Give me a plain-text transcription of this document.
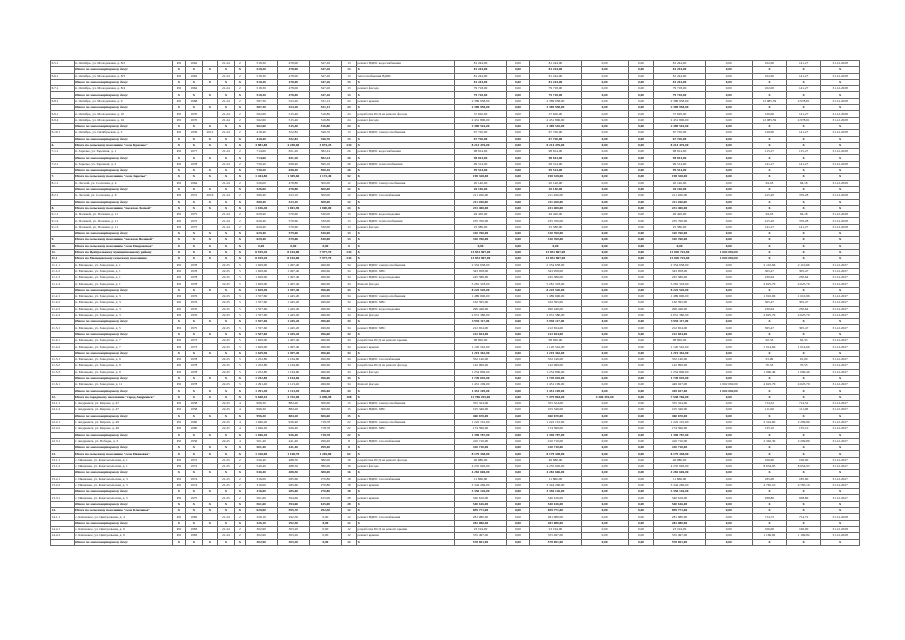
6.5.1	п. Октябрь, ул. Молодежная, д. 8/2	РО	1962		21.24	2	518,30	478,00	347,26	13	ремонт ВДИС водоснабжения	81 244,00	0,00	81 244,00	0,00	0,00	81 244,00	0,00	102,00	141,27	31.12.2028
	Итого по многоквартирному дому:	X	X	X	X	X	518,30	478,00	347,26	13	X	81 244,00	0,00	81 244,00	0,00	0,00	81 244,00	0,00	X	X	X
6.6.1	п. Октябрь, ул. Молодежная, д. 8/3	РО	1962		21.24	2	518,30	478,00	347,26	13	теплоснабжения ВДИС	81 244,00	0,00	81 244,00	0,00	0,00	81 244,00	0,00	102,00	141,27	31.12.2028
	Итого по многоквартирному дому:	X	X	X	X	X	518,30	478,00	347,26	13	X	81 244,00	0,00	81 244,00	0,00	0,00	81 244,00	0,00	X	X	X
6.7.1	п. Октябрь, ул. Молодежная, д. 8/4	РО	1962		21.24	2	518,30	478,00	347,26	13	ремонт фасада	79 718,00	0,00	79 718,00	0,00	0,00	79 718,00	0,00	102,00	141,27	31.12.2028
	Итого по многоквартирному дому:	X	X	X	X	X	518,30	478,00	347,26	13	X	79 718,00	0,00	79 718,00	0,00	0,00	79 718,00	0,00	X	X	X
6.8.1	п. Октябрь, ул. Молодежная, д. 9	РО	1968		21.24	2	587,30	523,20	531,12	24	ремонт крыши	2 389 958,00	0,00	2 389 958,00	0,00	0,00	2 389 958,00	0,00	12 985,59	4 978,61	31.12.2028
	Итого по многоквартирному дому:	X	X	X	X	X	587,30	523,20	531,12	24	X	2 389 958,00	0,00	2 389 958,00	0,00	0,00	2 389 958,00	0,00	X	X	X
6.9.1	п. Октябрь, ул. Молодежная, д. 10	РО	1970		21.24	2	562,60	515,40	516,80	24	разработка ПСД на ремонт фасада	37 620,00	0,00	37 620,00	0,00	0,00	37 620,00	0,00	126,00	141,27	31.12.2028
6.9.2	п. Октябрь, ул. Молодежная, д. 10	РО	1970		21.24	2	562,60	515,40	516,80	24	ремонт фасада	2 451 896,00	0,00	2 451 896,00	0,00	0,00	2 451 896,00	0,00	12 985,59	4 978,61	31.12.2028
	Итого по многоквартирному дому:	X	X	X	X	X	562,60	515,40	516,80	24	X	2 489 516,00	0,00	2 489 516,00	0,00	0,00	2 489 516,00	0,00	X	X	X
6.10.1	п. Октябрь, ул. Октябрьская, д. 3	РО	1959	2012	21.24	2	418,40	352,82	346,70	13	ремонт ВДИС электроснабжения	67 720,00	0,00	67 720,00	0,00	0,00	67 720,00	0,00	126,00	141,27	31.12.2028
	Итого по многоквартирному дому:	X	X	X	X	X	418,40	352,82	346,70	13	X	67 720,00	0,00	67 720,00	0,00	0,00	67 720,00	0,00	X	X	X
6.	Итого по сельскому поселению "село Красное"	X	X	X	X	X	4 881,80	4 248,60	3 874,25	234	X	8 214 476,00	0,00	8 214 476,00	0,00	0,00	8 214 476,00	0,00	X	X	X
7.1.1	п. Заречье, ул. Заречная, д. 1	РО	1977		21.24	2	714,60	651,20	582,24	26	ремонт ВДИС водоснабжения	98 814,00	0,00	98 814,00	0,00	0,00	98 814,00	0,00	115,27	115,27	31.12.2028
	Итого по многоквартирному дому:	X	X	X	X	X	714,60	651,20	582,24	26	X	98 814,00	0,00	98 814,00	0,00	0,00	98 814,00	0,00	X	X	X
7.2.1	п. Заречье, ул. Заречная, д. 2	РО	1978		21.24	2	730,20	658,40	590,16	26	ремонт ВДИС теплоснабжения	99 514,00	0,00	99 514,00	0,00	0,00	99 514,00	0,00	141,27	141,27	31.12.2028
	Итого по многоквартирному дому:	X	X	X	X	X	730,20	658,40	590,16	26	X	99 514,00	0,00	99 514,00	0,00	0,00	99 514,00	0,00	X	X	X
7.	Итого по сельскому поселению "село Заречье"	X	X	X	X	X	1 444,80	1 309,60	1 172,40	52	X	198 328,00	0,00	198 328,00	0,00	0,00	198 328,00	0,00	X	X	X
8.1.1	п. Лесной, ул. Сосновая, д. 4	РО	1964		21.24	2	526,00	478,80	500,00	12	ремонт ВДИС электроснабжения	20 140,00	0,00	20 140,00	0,00	0,00	20 140,00	0,00	94,18	94,18	31.12.2028
	Итого по многоквартирному дому:	X	X	X	X	X	526,00	478,80	500,00	12	X	20 140,00	0,00	20 140,00	0,00	0,00	20 140,00	0,00	X	X	X
8.2.1	п. Лесной, ул. Сосновая, д. 6	РО	1972	2016	21.24	2	580,40	523,10	500,00	12	ремонт ВДИС газоснабжения	211 260,00	0,00	211 260,00	0,00	0,00	211 260,00	0,00	415,20	376,28	31.12.2028
	Итого по многоквартирному дому:	X	X	X	X	X	580,40	523,10	500,00	12	X	211 260,00	0,00	211 260,00	0,00	0,00	211 260,00	0,00	X	X	X
8.	Итого по сельскому поселению "поселок Лесной"	X	X	X	X	X	1 106,40	1 001,90	1 000,00	24	X	231 400,00	0,00	231 400,00	0,00	0,00	231 400,00	0,00	X	X	X
9.1.1	п. Полевой, ул. Полевая, д. 11	РО	1975		21.24	2	629,40	579,60	530,00	13	ремонт ВДИС водоотведения	49 420,00	0,00	49 420,00	0,00	0,00	49 420,00	0,00	94,18	94,18	31.12.2028
9.1.2	п. Полевой, ул. Полевая, д. 11	РО	1975		21.24	2	629,40	579,60	530,00	13	ремонт ВДИС теплоснабжения	235 760,00	0,00	235 760,00	0,00	0,00	235 760,00	0,00	415,20	376,28	31.12.2028
9.1.3	п. Полевой, ул. Полевая, д. 11	РО	1975		21.24	2	629,40	579,60	530,00	13	ремонт фасада	25 580,00	0,00	25 580,00	0,00	0,00	25 580,00	0,00	141,27	141,27	31.12.2028
	Итого по многоквартирному дому:	X	X	X	X	X	629,40	579,60	530,00	13	X	310 760,00	0,00	310 760,00	0,00	0,00	310 760,00	0,00	X	X	X
9.	Итого по сельскому поселению "поселок Полевой"	X	X	X	X	X	629,40	579,60	530,00	13	X	310 760,00	0,00	310 760,00	0,00	0,00	310 760,00	0,00	X	X	X
10.	Итого по сельскому поселению "село Покровское"	X	X	X	X	X	0,00	0,00	0,00	0	X	0,00	0,00	0,00	0,00	0,00	0,00	0,00	X	X	X
11.	Итого по Центральному муниципальному району	X	X	X	X	X	8 919,20	8 163,80	7 977,70	243	X	13 851 807,00	0,00	13 851 807,00	0,00	0,00	12 849 725,00	1 002 082,00	X	X	X
11.1	Итого по Мальцевскому сельскому поселению	X	X	X	X	X	8 919,20	8 163,80	7 977,70	243	X	13 851 807,00	0,00	13 851 807,00	0,00	0,00	12 849 725,00	1 002 082,00	X	X	X
11.1.1	п. Мальцево, ул. Заводская, д. 1	РО	1978		22.25	5	1 629,90	1 497,40	496,60	34	ремонт ВДИС электроснабжения	2 354 658,00	0,00	2 354 658,00	0,00	0,00	2 354 658,00	0,00	2 110,66	2 110,66	31.12.2027
11.1.2	п. Мальцево, ул. Заводская, д. 1	РО	1978		22.25	5	1 629,90	1 497,40	496,60	34	ремонт ВДИС ХВС	343 958,00	0,00	343 958,00	0,00	0,00	343 958,00	0,00	305,47	305,47	31.12.2027
11.1.3	п. Мальцево, ул. Заводская, д. 1	РО	1978		22.25	5	1 629,90	1 497,40	496,60	34	ремонт ВДИС водоотведения	245 586,00	0,00	245 586,00	0,00	0,00	245 586,00	0,00	230,64	230,64	31.12.2027
11.1.4	п. Мальцево, ул. Заводская, д. 1	РО	1978		22.25	5	1 629,90	1 497,40	496,60	34	Ремонт фасада	5 281 318,00	0,00	5 281 318,00	0,00	0,00	5 281 318,00	0,00	4 625,79	4 625,79	31.12.2027
	Итого по многоквартирному дому:	X	X	X	X	X	1 629,90	1 497,40	496,60	34	X	8 225 520,00	0,00	8 225 520,00	0,00	0,00	8 225 520,00	0,00	X	X	X
11.2.1	п. Мальцево, ул. Заводская, д. 3	РО	1976		22.25	5	1 557,60	1 445,20	496,60	34	ремонт ВДИС электроснабжения	1 489 696,00	0,00	1 489 696,00	0,00	0,00	1 489 696,00	0,00	1 010,96	1 010,96	31.12.2027
11.2.2	п. Мальцево, ул. Заводская, д. 3	РО	1976		22.25	5	1 557,60	1 445,20	496,60	34	ремонт ВДИС ХВС	162 595,00	0,00	162 595,00	0,00	0,00	162 595,00	0,00	305,47	305,47	31.12.2027
11.2.3	п. Мальцево, ул. Заводская, д. 3	РО	1976		22.25	5	1 557,60	1 445,20	496,60	34	ремонт ВДИС водоотведения	290 446,00	0,00	290 446,00	0,00	0,00	290 446,00	0,00	230,64	230,64	31.12.2027
11.2.4	п. Мальцево, ул. Заводская, д. 3	РО	1976		22.25	5	1 557,60	1 445,20	496,60	34	Ремонт фасада	2 051 380,00	0,00	2 051 380,00	0,00	0,00	2 051 380,00	0,00	4 625,79	4 625,79	31.12.2027
	Итого по многоквартирному дому:	X	X	X	X	X	1 557,60	1 445,20	496,60	34	X	3 994 117,00	0,00	3 994 117,00	0,00	0,00	3 994 117,00	0,00	X	X	X
11.3.1	п. Мальцево, ул. Заводская, д. 5	РО	1975		22.25	5	1 557,60	1 445,20	496,60	34	ремонт ВДИС ХВС	212 654,00	0,00	212 654,00	0,00	0,00	212 654,00	0,00	305,47	305,47	31.12.2027
	Итого по многоквартирному дому:	X	X	X	X	X	1 557,60	1 445,20	496,60	34	X	212 654,00	0,00	212 654,00	0,00	0,00	212 654,00	0,00	X	X	X
11.4.1	п. Мальцево, ул. Заводская, д. 7	РО	1973		22.25	5	1 629,90	1 497,40	496,60	34	разработка ПСД на ремонт крыши	98 820,00	0,00	98 820,00	0,00	0,00	98 820,00	0,00	92,33	92,33	31.12.2027
11.4.2	п. Мальцево, ул. Заводская, д. 7	РО	1973		22.25	5	1 629,90	1 497,40	496,60	34	ремонт крыши	1 120 542,00	0,00	1 120 542,00	0,00	0,00	1 120 542,00	0,00	1 014,66	1 014,66	31.12.2027
	Итого по многоквартирному дому:	X	X	X	X	X	1 629,90	1 497,40	496,60	34	X	1 219 362,00	0,00	1 219 362,00	0,00	0,00	1 219 362,00	0,00	X	X	X
11.5.1	п. Мальцево, ул. Заводская, д. 9	РО	1978		22.25	5	1 252,80	1 164,60	496,60	34	ремонт ВДИС газоснабжения	352 140,00	0,00	352 140,00	0,00	0,00	352 140,00	0,00	91,09	91,09	31.12.2027
11.5.2	п. Мальцево, ул. Заводская, д. 9	РО	1978		22.25	5	1 252,80	1 164,60	496,60	34	разработка ПСД на ремонт фасада	142 099,00	0,00	142 099,00	0,00	0,00	142 099,00	0,00	70,53	70,53	31.12.2027
11.5.3	п. Мальцево, ул. Заводская, д. 9	РО	1978		22.25	5	1 252,80	1 164,60	496,60	34	ремонт фасада	1 254 806,00	0,00	1 254 806,00	0,00	0,00	1 254 806,00	0,00	1 090,49	1 090,49	31.12.2027
	Итого по многоквартирному дому:	X	X	X	X	X	1 252,80	1 164,60	496,60	34	X	1 749 045,00	0,00	1 749 045,00	0,00	0,00	1 749 045,00	0,00	X	X	X
11.6.1	п. Мальцево, ул. Заводская, д. 11	РО	1978		22.25	5	1 291,40	1 113,40	496,60	34	Ремонт фасада	1 451 109,00	0,00	1 451 109,00	0,00	0,00	449 027,00	1 002 082,00	4 625,79	4 625,79	31.12.2027
	Итого по многоквартирному дому:	X	X	X	X	X	1 291,40	1 113,40	496,60	34	X	1 451 109,00	0,00	1 451 109,00	0,00	0,00	449 027,00	1 002 082,00	X	X	X
12.	Итого по городскому поселению "город Андреевск"	X	X	X	X	X	5 648,10	4 742,00	2 096,90	108	X	11 786 255,00	0,00	7 479 864,00	4 306 391,00	0,00	7 548 766,00	0,00	X	X	X
12.1.1	г. Андреевск, ул. Кирова, д. 47	РО	1958		22.25	4	996,30	884,20	506,60	15	ремонт ВДИС электроснабжения	355 324,00	0,00	355 324,00	0,00	0,00	355 324,00	0,00	714,52	714,52	31.12.2027
12.1.2	г. Андреевск, ул. Кирова, д. 47	РО	1958		22.25	4	996,30	884,20	506,60	15	ремонт ВДИС ХВС	105 346,00	0,00	105 346,00	0,00	0,00	105 346,00	0,00	111,06	111,06	31.12.2027
	Итого по многоквартирному дому:	X	X	X	X	X	996,30	884,20	506,60	15	X	460 670,00	0,00	460 670,00	0,00	0,00	460 670,00	0,00	X	X	X
12.2.1	г. Андреевск, ул. Кирова, д. 49	РО	1960		22.25	4	1 046,20	926,40	718,78	22	ремонт ВДИС электроснабжения	1 222 191,00	0,00	1 222 191,00	0,00	0,00	1 222 191,00	0,00	2 524,60	2 209,89	31.12.2027
12.2.2	г. Андреевск, ул. Кирова, д. 49	РО	1960		22.25	4	1 046,20	926,40	718,78	22	ремонт ВДИС ХВС	174 596,00	0,00	174 596,00	0,00	0,00	174 596,00	0,00	135,10	135,10	31.12.2027
	Итого по многоквартирному дому:	X	X	X	X	X	1 046,20	926,40	718,78	22	X	1 396 787,00	0,00	1 396 787,00	0,00	0,00	1 396 787,00	0,00	X	X	X
12.3.1	г. Андреевск, ул. Победы, д. 3	РО	1956		22.25	4	501,40	441,40	299,40	8	ремонт ВДИС газоснабжения	410 710,00	0,00	410 710,00	0,00	0,00	410 710,00	0,00	2 362,30	2 209,89	31.12.2027
	Итого по многоквартирному дому:	X	X	X	X	X	501,40	441,40	299,40	8	X	410 710,00	0,00	410 710,00	0,00	0,00	410 710,00	0,00	X	X	X
13.	Итого по сельскому поселению "село Ивановка"	X	X	X	X	X	1 418,00	1 168,70	1 265,80	62	X	8 179 348,00	0,00	8 179 348,00	0,00	0,00	8 179 348,00	0,00	X	X	X
13.1.1	с. Ивановка, ул. Комсомольская, д. 1	РО	1972		21.25	2	540,40	488,50	380,00	16	разработка ПСД на ремонт фасада	46 680,00	0,00	46 680,00	0,00	0,00	46 680,00	0,00	106,00	106,00	31.12.2027
13.1.2	с. Ивановка, ул. Комсомольская, д. 1	РО	1972		21.25	2	540,40	488,50	380,00	16	ремонт фасада	4 235 926,00	0,00	4 235 926,00	0,00	0,00	4 235 926,00	0,00	8 654,93	8 654,93	31.12.2027
	Итого по многоквартирному дому:	X	X	X	X	X	540,40	488,50	380,00	16	X	4 282 606,00	0,00	4 282 606,00	0,00	0,00	4 282 606,00	0,00	X	X	X
13.2.1	с. Ивановка, ул. Комсомольская, д. 3	РО	1974		21.25	2	316,00	285,60	270,80	18	ремонт ВДИС газоснабжения	11 860,00	0,00	11 860,00	0,00	0,00	11 860,00	0,00	185,00	185,00	31.12.2027
13.2.2	с. Ивановка, ул. Комсомольская, д. 3	РО	1974		21.25	2	316,00	285,60	270,80	18	ремонт крыши	3 344 266,00	0,00	3 344 266,00	0,00	0,00	3 344 266,00	0,00	4 765,10	4 765,10	31.12.2027
	Итого по многоквартирному дому:	X	X	X	X	X	316,00	285,60	270,80	18	X	3 356 126,00	0,00	3 356 126,00	0,00	0,00	3 356 126,00	0,00	X	X	X
13.3.1	с. Ивановка, ул. Комсомольская, д. 5	РО	1975		21.25	2	561,60	394,60	615,00	28	ремонт крыши	540 616,00	0,00	540 616,00	0,00	0,00	540 616,00	0,00	938,80	938,80	31.12.2027
	Итого по многоквартирному дому:	X	X	X	X	X	561,60	394,60	615,00	28	X	540 616,00	0,00	540 616,00	0,00	0,00	540 616,00	0,00	X	X	X
14.	Итого по сельскому поселению "село Ключевое"	X	X	X	X	X	629,00	595,70	292,50	12	X	859 771,00	0,00	859 771,00	0,00	0,00	859 771,00	0,00	X	X	X
14.1.1	с. Ключевое, ул. Центральная, д. 4	РО	1982		21.24	2	326,10	292,50	0,00	12	ремонт ВДИС газоснабжения	281 080,00	0,00	281 080,00	0,00	0,00	281 080,00	0,00	714,72	714,72	31.12.2028
	Итого по многоквартирному дому:	X	X	X	X	X	326,10	292,50	0,00	12	X	281 080,00	0,00	281 080,00	0,00	0,00	281 080,00	0,00	X	X	X
14.2.1	с. Ключевое, ул. Центральная, д. 6	РО	1983		21.24	2	302,90	303,20	0,00	12	разработка ПСД на ремонт крыши	23 194,00	0,00	23 194,00	0,00	0,00	23 194,00	0,00	106,00	106,00	31.12.2028
14.2.2	с. Ключевое, ул. Центральная, д. 6	РО	1983		21.24	2	302,90	303,20	0,00	12	ремонт крыши	555 497,00	0,00	555 497,00	0,00	0,00	555 497,00	0,00	1 169,82	1 169,82	31.12.2028
	Итого по многоквартирному дому:	X	X	X	X	X	302,90	303,20	0,00	12	X	578 691,00	0,00	578 691,00	0,00	0,00	578 691,00	0,00	X	X	X
